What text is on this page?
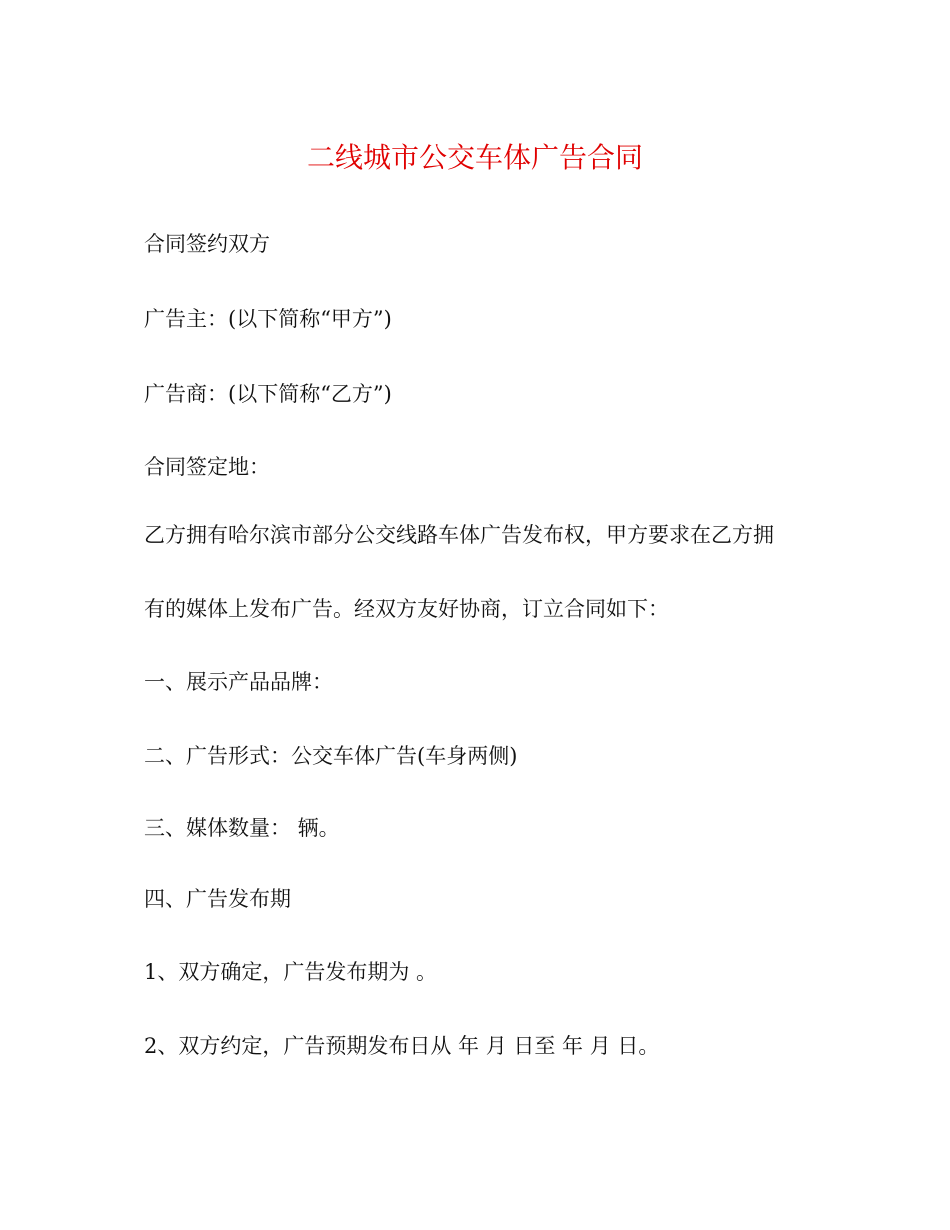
二线城市公交车体广告合同
合同签约双方
广告主：(以下简称“甲方”)
广告商：(以下简称“乙方”)
合同签定地：
乙方拥有哈尔滨市部分公交线路车体广告发布权，甲方要求在乙方拥
有的媒体上发布广告。经双方友好协商，订立合同如下：
一、展示产品品牌：
二、广告形式：公交车体广告(车身两侧)
三、媒体数量： 辆。
四、广告发布期
1、双方确定，广告发布期为 。
2、双方约定，广告预期发布日从 年 月 日至 年 月 日。
